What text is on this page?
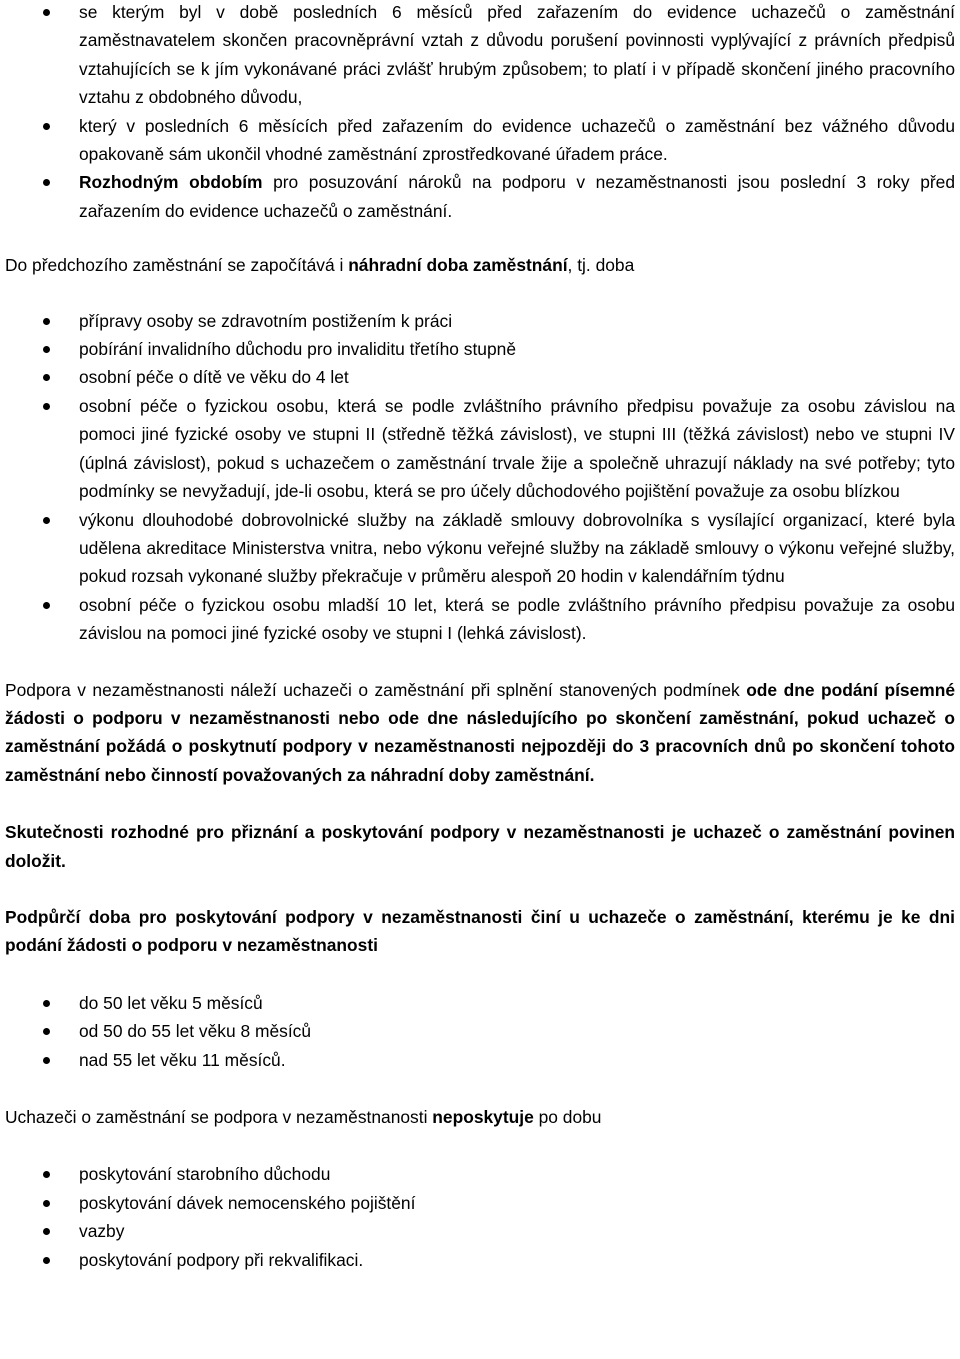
se kterým byl v době posledních 6 měsíců před zařazením do evidence uchazečů o zaměstnání zaměstnavatelem skončen pracovněprávní vztah z důvodu porušení povinnosti vyplývající z právních předpisů vztahujících se k jím vykonávané práci zvlášť hrubým způsobem; to platí i v případě skončení jiného pracovního vztahu z obdobného důvodu,
který v posledních 6 měsících před zařazením do evidence uchazečů o zaměstnání bez vážného důvodu opakovaně sám ukončil vhodné zaměstnání zprostředkované úřadem práce.
Rozhodným obdobím pro posuzování nároků na podporu v nezaměstnanosti jsou poslední 3 roky před zařazením do evidence uchazečů o zaměstnání.

Do předchozího zaměstnání se započítává i náhradní doba zaměstnání, tj. doba

přípravy osoby se zdravotním postižením k práci
pobírání invalidního důchodu pro invaliditu třetího stupně
osobní péče o dítě ve věku do 4 let
osobní péče o fyzickou osobu, která se podle zvláštního právního předpisu považuje za osobu závislou na pomoci jiné fyzické osoby ve stupni II (středně těžká závislost), ve stupni III (těžká závislost) nebo ve stupni IV (úplná závislost), pokud s uchazečem o zaměstnání trvale žije a společně uhrazují náklady na své potřeby; tyto podmínky se nevyžadují, jde-li osobu, která se pro účely důchodového pojištění považuje za osobu blízkou
výkonu dlouhodobé dobrovolnické služby na základě smlouvy dobrovolníka s vysílající organizací, které byla udělena akreditace Ministerstva vnitra, nebo výkonu veřejné služby na základě smlouvy o výkonu veřejné služby, pokud rozsah vykonané služby překračuje v průměru alespoň 20 hodin v kalendářním týdnu
osobní péče o fyzickou osobu mladší 10 let, která se podle zvláštního právního předpisu považuje za osobu závislou na pomoci jiné fyzické osoby ve stupni I (lehká závislost).

Podpora v nezaměstnanosti náleží uchazeči o zaměstnání při splnění stanovených podmínek ode dne podání písemné žádosti o podporu v nezaměstnanosti nebo ode dne následujícího po skončení zaměstnání, pokud uchazeč o zaměstnání požádá o poskytnutí podpory v nezaměstnanosti nejpozději do 3 pracovních dnů po skončení tohoto zaměstnání nebo činností považovaných za náhradní doby zaměstnání.

Skutečnosti rozhodné pro přiznání a poskytování podpory v nezaměstnanosti je uchazeč o zaměstnání povinen doložit.

Podpůrčí doba pro poskytování podpory v nezaměstnanosti činí u uchazeče o zaměstnání, kterému je ke dni podání žádosti o podporu v nezaměstnanosti

do 50 let věku 5 měsíců
od 50 do 55 let věku 8 měsíců
nad 55 let věku 11 měsíců.

Uchazeči o zaměstnání se podpora v nezaměstnanosti neposkytuje po dobu

poskytování starobního důchodu
poskytování dávek nemocenského pojištění
vazby
poskytování podpory při rekvalifikaci.
